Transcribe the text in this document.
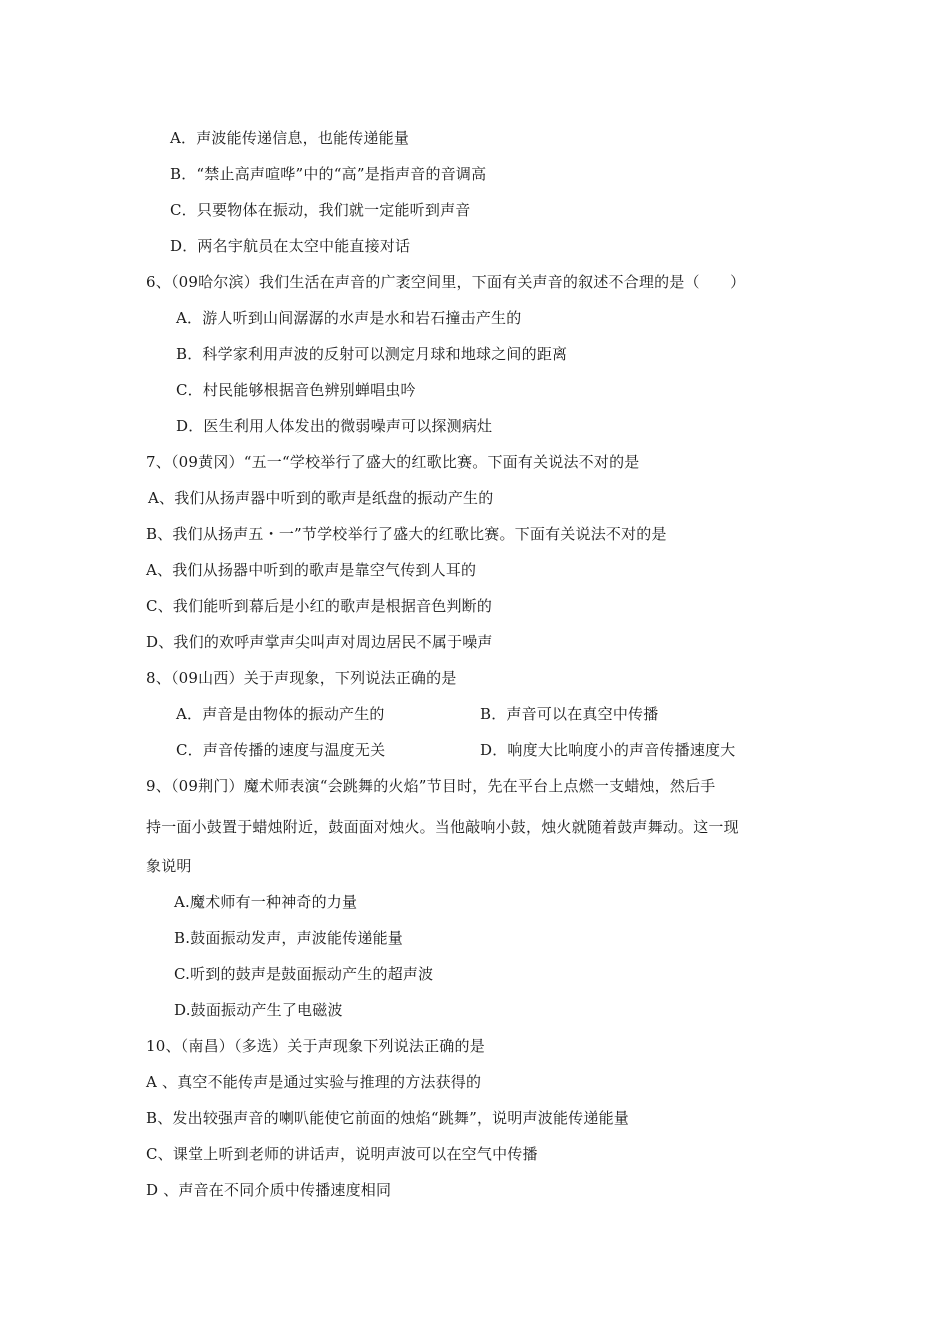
A．声波能传递信息，也能传递能量
B．“禁止高声喧哗”中的“高”是指声音的音调高
C．只要物体在振动，我们就一定能听到声音
D．两名宇航员在太空中能直接对话
6、（09哈尔滨）我们生活在声音的广袤空间里，下面有关声音的叙述不合理的是（　　）
A．游人听到山间潺潺的水声是水和岩石撞击产生的
B．科学家利用声波的反射可以测定月球和地球之间的距离
C．村民能够根据音色辨别蝉唱虫吟
D．医生利用人体发出的微弱噪声可以探测病灶
7、（09黄冈）“五一“学校举行了盛大的红歌比赛。下面有关说法不对的是
A、我们从扬声器中听到的歌声是纸盘的振动产生的
B、我们从扬声五・一”节学校举行了盛大的红歌比赛。下面有关说法不对的是
A、我们从扬器中听到的歌声是靠空气传到人耳的
C、我们能听到幕后是小红的歌声是根据音色判断的
D、我们的欢呼声掌声尖叫声对周边居民不属于噪声
8、（09山西）关于声现象，下列说法正确的是
A．声音是由物体的振动产生的	B．声音可以在真空中传播
C．声音传播的速度与温度无关	D．响度大比响度小的声音传播速度大
9、（09荆门）魔术师表演“会跳舞的火焰”节目时，先在平台上点燃一支蜡烛，然后手
持一面小鼓置于蜡烛附近，鼓面面对烛火。当他敲响小鼓，烛火就随着鼓声舞动。这一现
象说明
A.魔术师有一种神奇的力量
B.鼓面振动发声，声波能传递能量
C.听到的鼓声是鼓面振动产生的超声波
D.鼓面振动产生了电磁波
10、（南昌）（多选）关于声现象下列说法正确的是
A 、真空不能传声是通过实验与推理的方法获得的
B、发出较强声音的喇叭能使它前面的烛焰“跳舞”，说明声波能传递能量
C、课堂上听到老师的讲话声，说明声波可以在空气中传播
D 、声音在不同介质中传播速度相同
